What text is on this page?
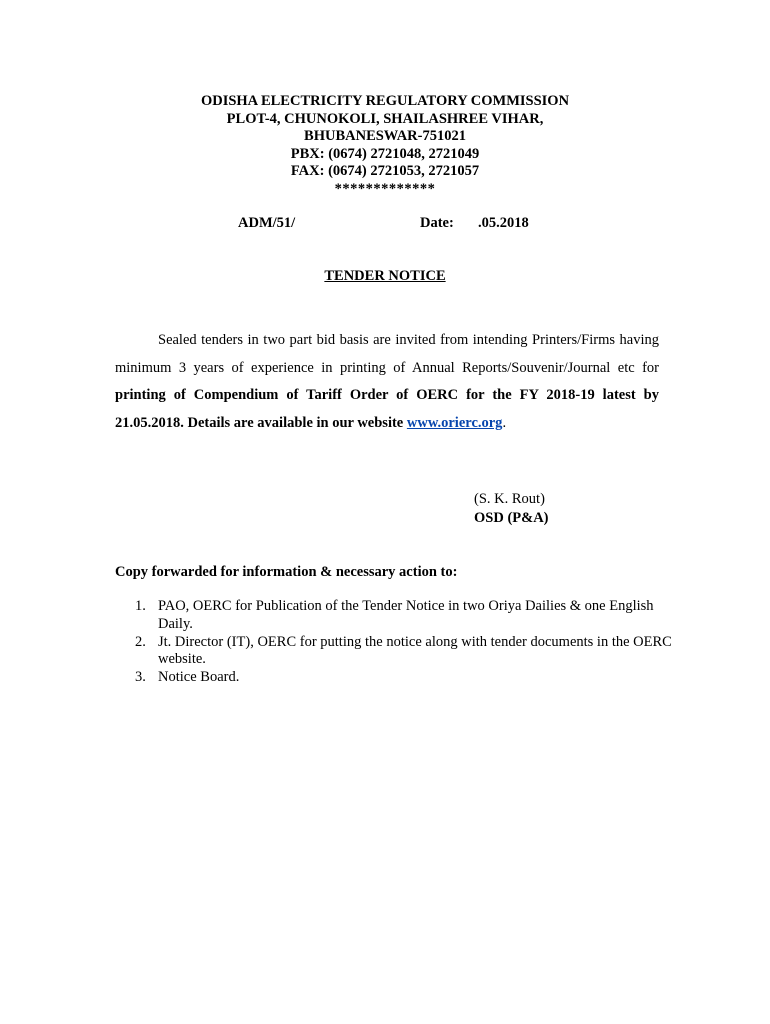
ODISHA ELECTRICITY REGULATORY COMMISSION
PLOT-4, CHUNOKOLI, SHAILASHREE VIHAR,
BHUBANESWAR-751021
PBX: (0674) 2721048, 2721049
FAX: (0674) 2721053, 2721057
*************
ADM/51/	Date: .05.2018
TENDER NOTICE
Sealed tenders in two part bid basis are invited from intending Printers/Firms having minimum 3 years of experience in printing of Annual Reports/Souvenir/Journal etc for printing of Compendium of Tariff Order of OERC for the FY 2018-19 latest by 21.05.2018. Details are available in our website www.orierc.org.
(S. K. Rout)
OSD (P&A)
Copy forwarded for information & necessary action to:
1. PAO, OERC for Publication of the Tender Notice in two Oriya Dailies & one English Daily.
2. Jt. Director (IT), OERC for putting the notice along with tender documents in the OERC website.
3. Notice Board.
